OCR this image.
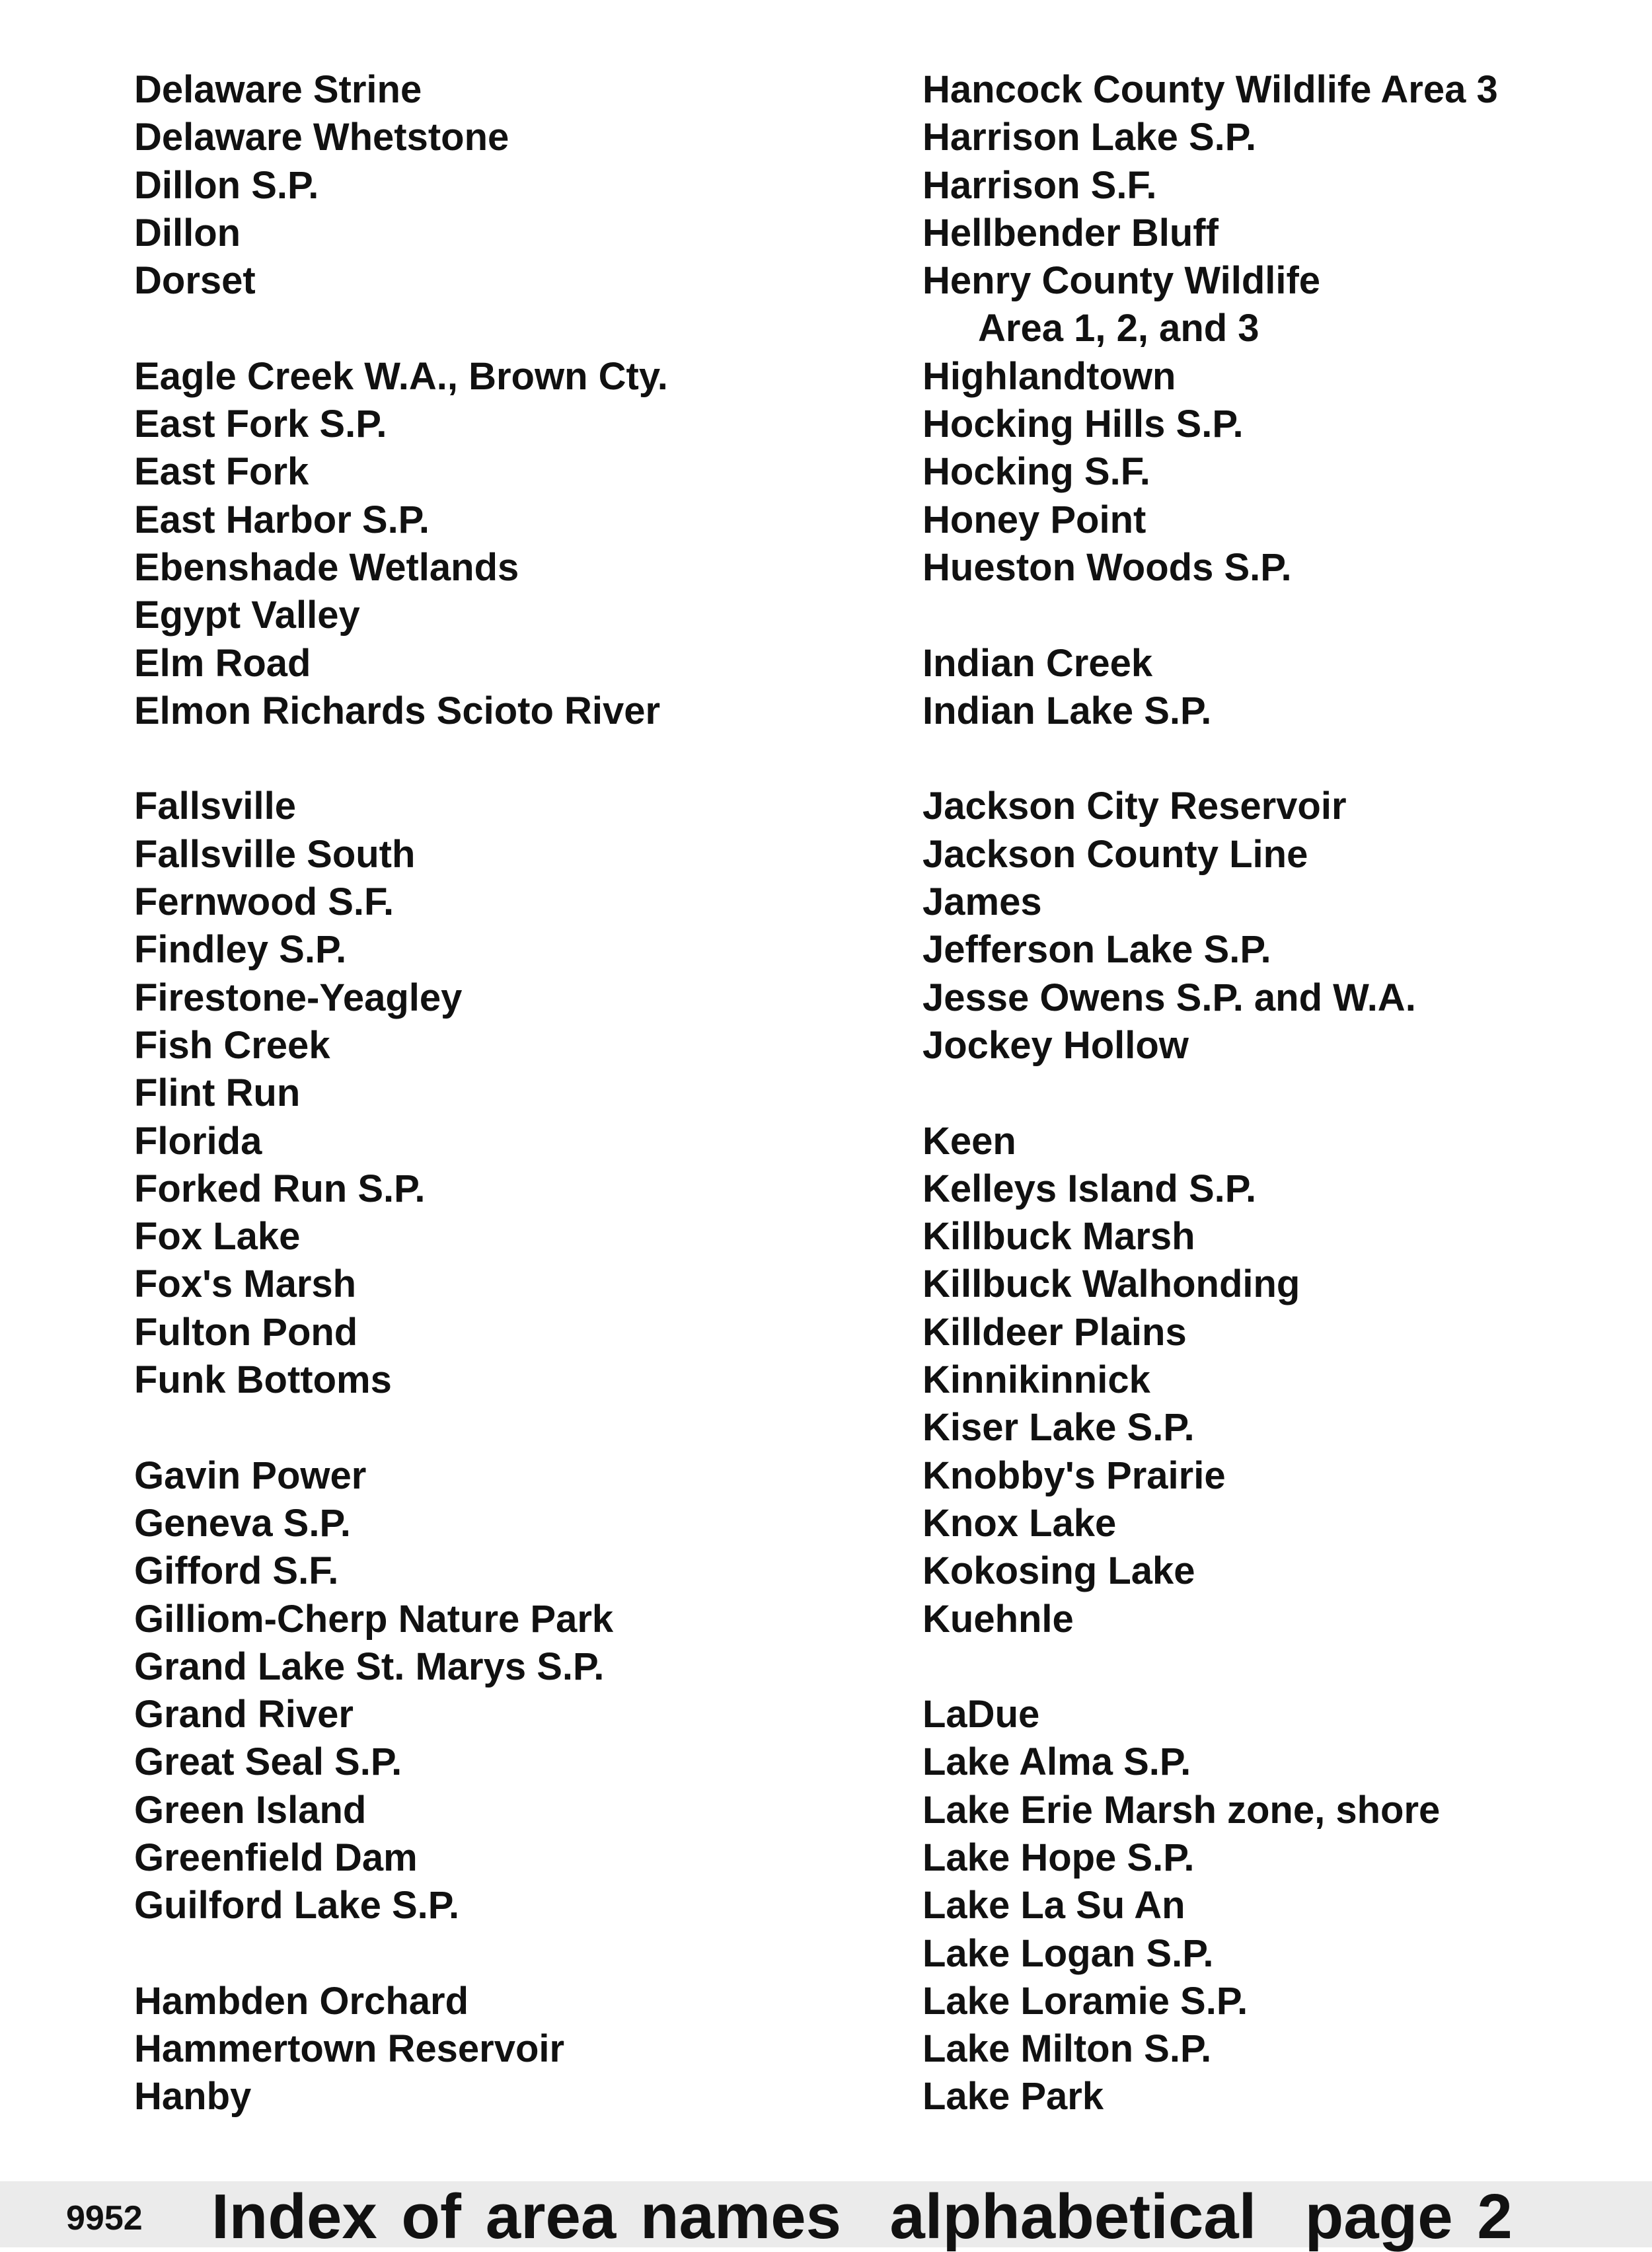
Delaware Strine
Delaware Whetstone
Dillon S.P.
Dillon
Dorset
Eagle Creek W.A., Brown Cty.
East Fork S.P.
East Fork
East Harbor S.P.
Ebenshade Wetlands
Egypt Valley
Elm Road
Elmon Richards Scioto River
Fallsville
Fallsville South
Fernwood S.F.
Findley S.P.
Firestone-Yeagley
Fish Creek
Flint Run
Florida
Forked Run S.P.
Fox Lake
Fox's Marsh
Fulton Pond
Funk Bottoms
Gavin Power
Geneva S.P.
Gifford S.F.
Gilliom-Cherp Nature Park
Grand Lake St. Marys S.P.
Grand River
Great Seal S.P.
Green Island
Greenfield Dam
Guilford Lake S.P.
Hambden Orchard
Hammertown Reservoir
Hanby
Hancock County Wildlife Area 3
Harrison Lake S.P.
Harrison S.F.
Hellbender Bluff
Henry County Wildlife
Area 1, 2, and 3
Highlandtown
Hocking Hills S.P.
Hocking S.F.
Honey Point
Hueston Woods S.P.
Indian Creek
Indian Lake S.P.
Jackson City Reservoir
Jackson County Line
James
Jefferson Lake S.P.
Jesse Owens S.P. and W.A.
Jockey Hollow
Keen
Kelleys Island S.P.
Killbuck Marsh
Killbuck Walhonding
Killdeer Plains
Kinnikinnick
Kiser Lake S.P.
Knobby's Prairie
Knox Lake
Kokosing Lake
Kuehnle
LaDue
Lake Alma S.P.
Lake Erie Marsh zone, shore
Lake Hope S.P.
Lake La Su An
Lake Logan S.P.
Lake Loramie S.P.
Lake Milton S.P.
Lake Park
9952 Index of area names  alphabetical  page 2
